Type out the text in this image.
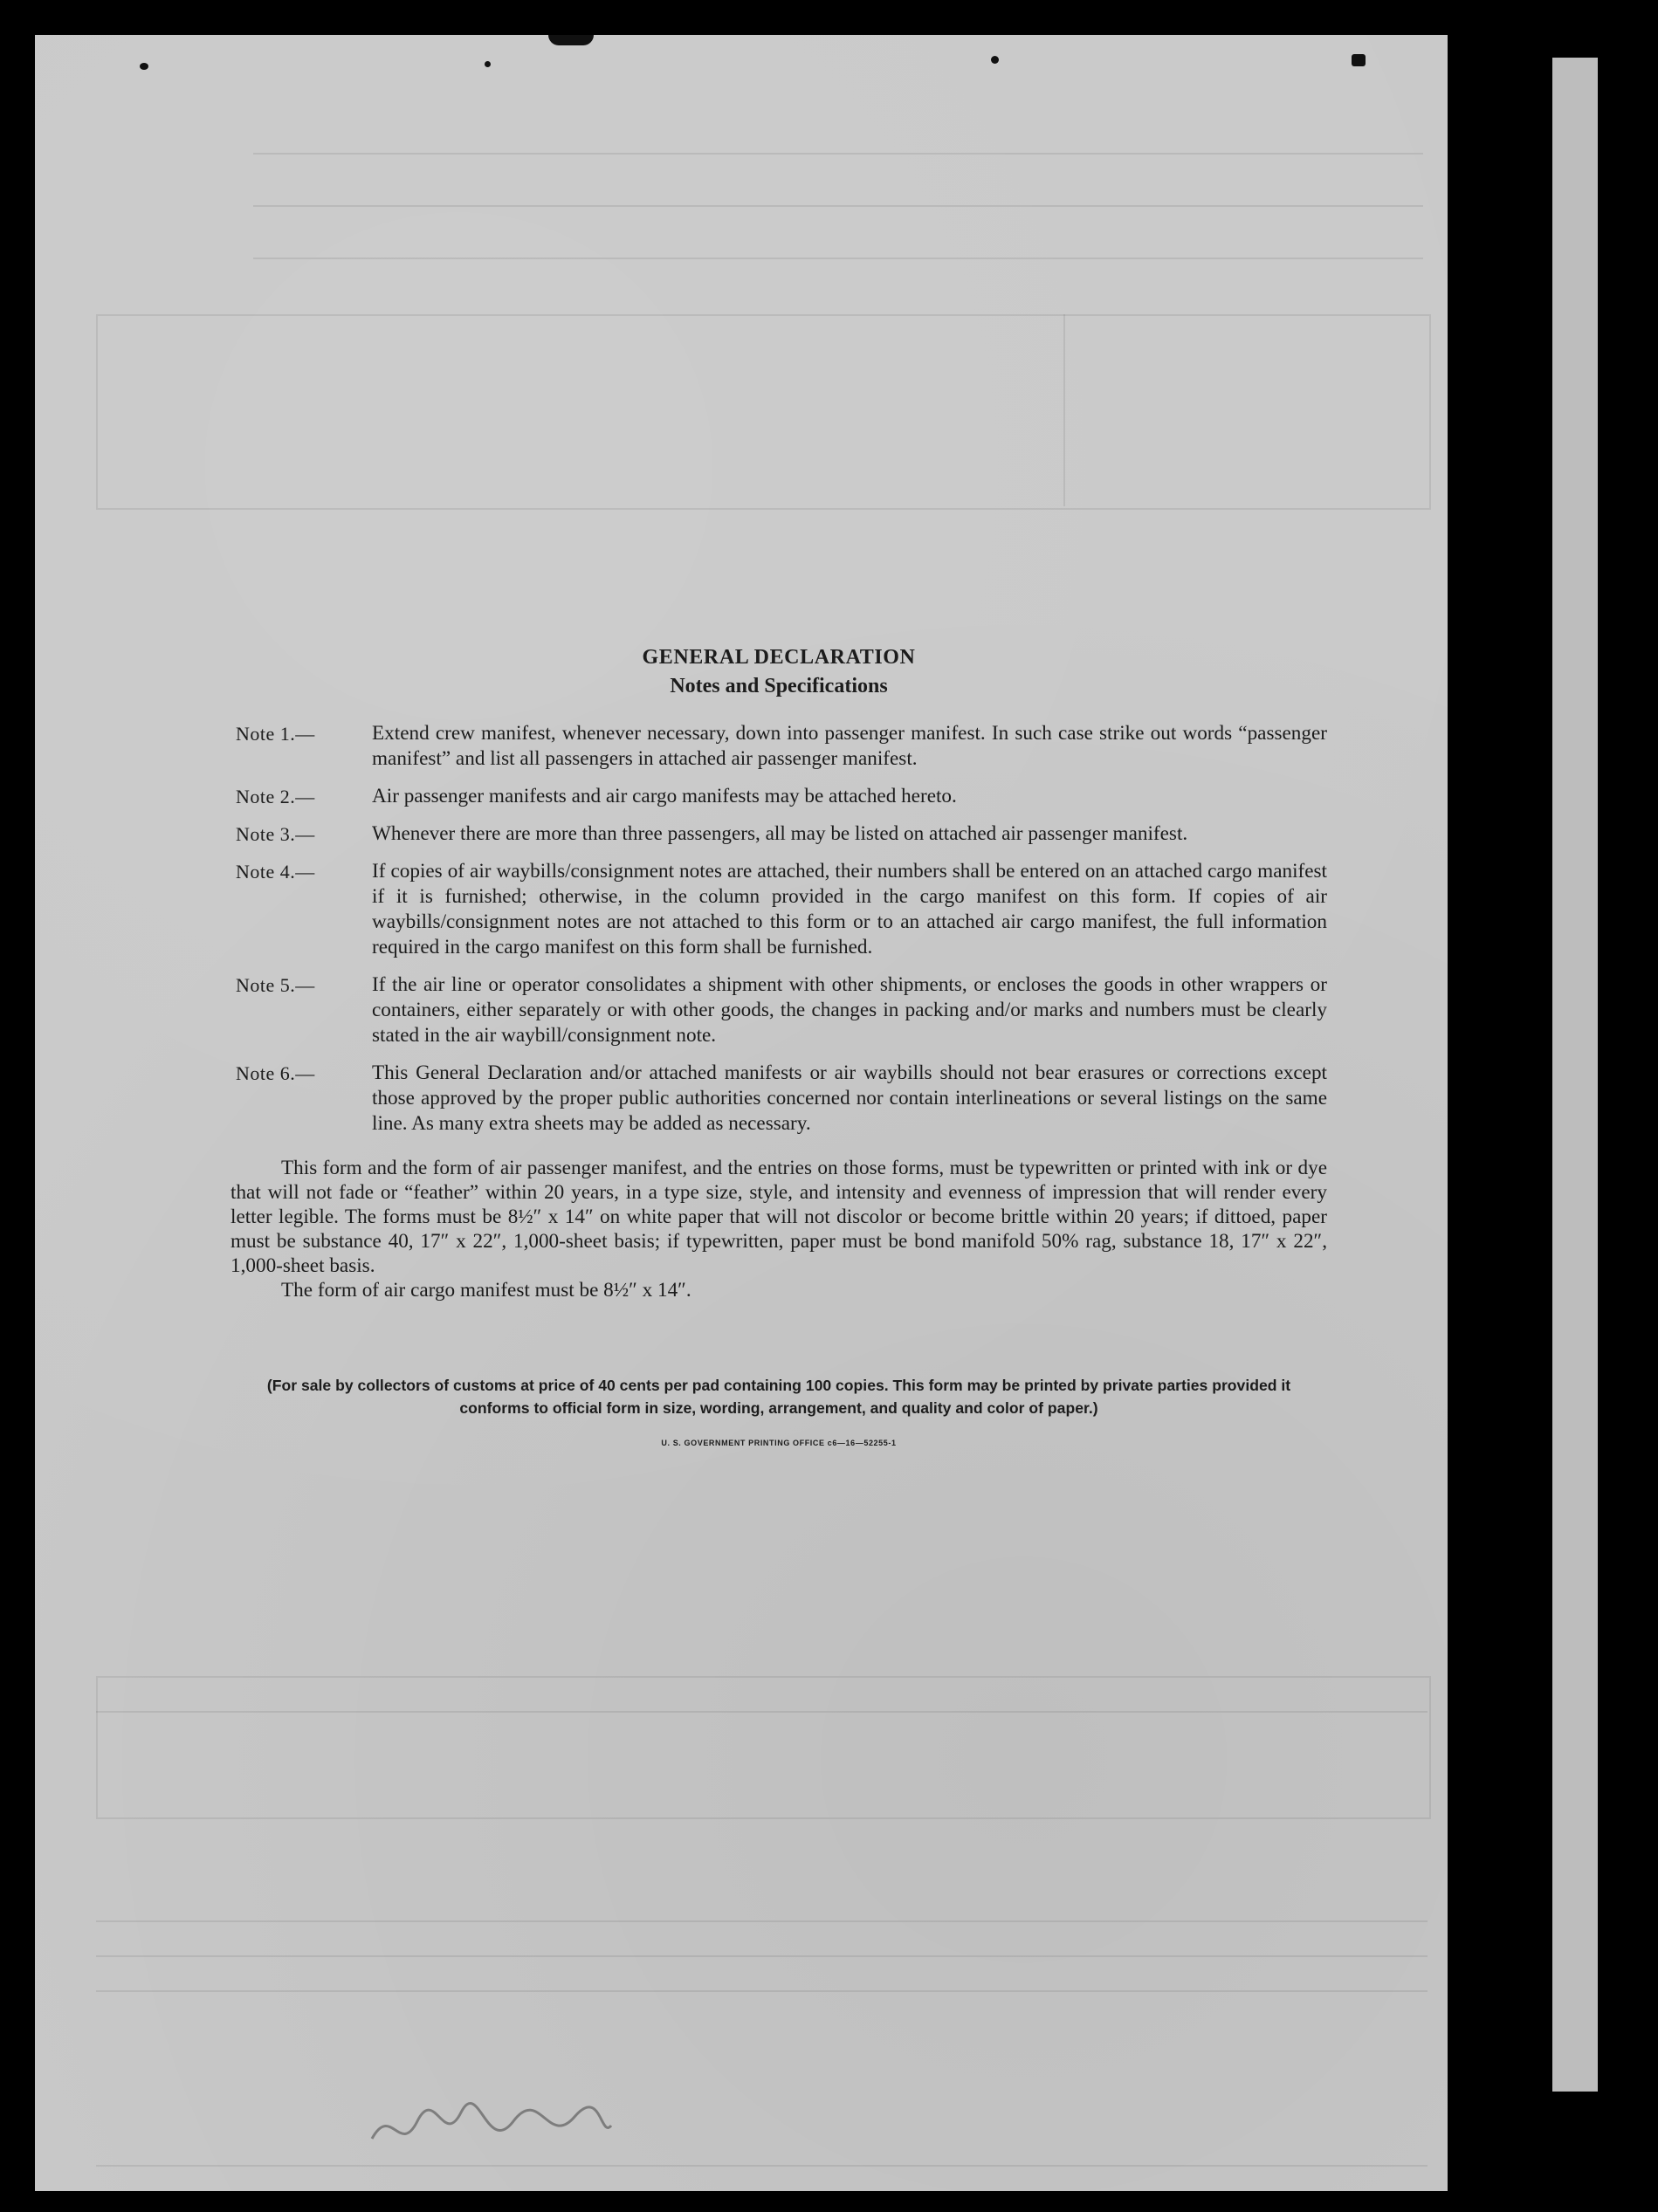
GENERAL DECLARATION
Notes and Specifications
Note 1.—	Extend crew manifest, whenever necessary, down into passenger manifest. In such case strike out words “passenger manifest” and list all passengers in attached air passenger manifest.
Note 2.—	Air passenger manifests and air cargo manifests may be attached hereto.
Note 3.—	Whenever there are more than three passengers, all may be listed on attached air passenger manifest.
Note 4.—	If copies of air waybills/consignment notes are attached, their numbers shall be entered on an attached cargo manifest if it is furnished; otherwise, in the column provided in the cargo manifest on this form. If copies of air waybills/consignment notes are not attached to this form or to an attached air cargo manifest, the full information required in the cargo manifest on this form shall be furnished.
Note 5.—	If the air line or operator consolidates a shipment with other shipments, or encloses the goods in other wrappers or containers, either separately or with other goods, the changes in packing and/or marks and numbers must be clearly stated in the air waybill/consignment note.
Note 6.—	This General Declaration and/or attached manifests or air waybills should not bear erasures or corrections except those approved by the proper public authorities concerned nor contain interlineations or several listings on the same line. As many extra sheets may be added as necessary.

This form and the form of air passenger manifest, and the entries on those forms, must be typewritten or printed with ink or dye that will not fade or “feather” within 20 years, in a type size, style, and intensity and evenness of impression that will render every letter legible. The forms must be 8½″ x 14″ on white paper that will not discolor or become brittle within 20 years; if dittoed, paper must be substance 40, 17″ x 22″, 1,000-sheet basis; if typewritten, paper must be bond manifold 50% rag, substance 18, 17″ x 22″, 1,000-sheet basis.

The form of air cargo manifest must be 8½″ x 14″.

(For sale by collectors of customs at price of 40 cents per pad containing 100 copies. This form may be printed by private parties provided it conforms to official form in size, wording, arrangement, and quality and color of paper.)
U. S. GOVERNMENT PRINTING OFFICE c6—16—52255-1
